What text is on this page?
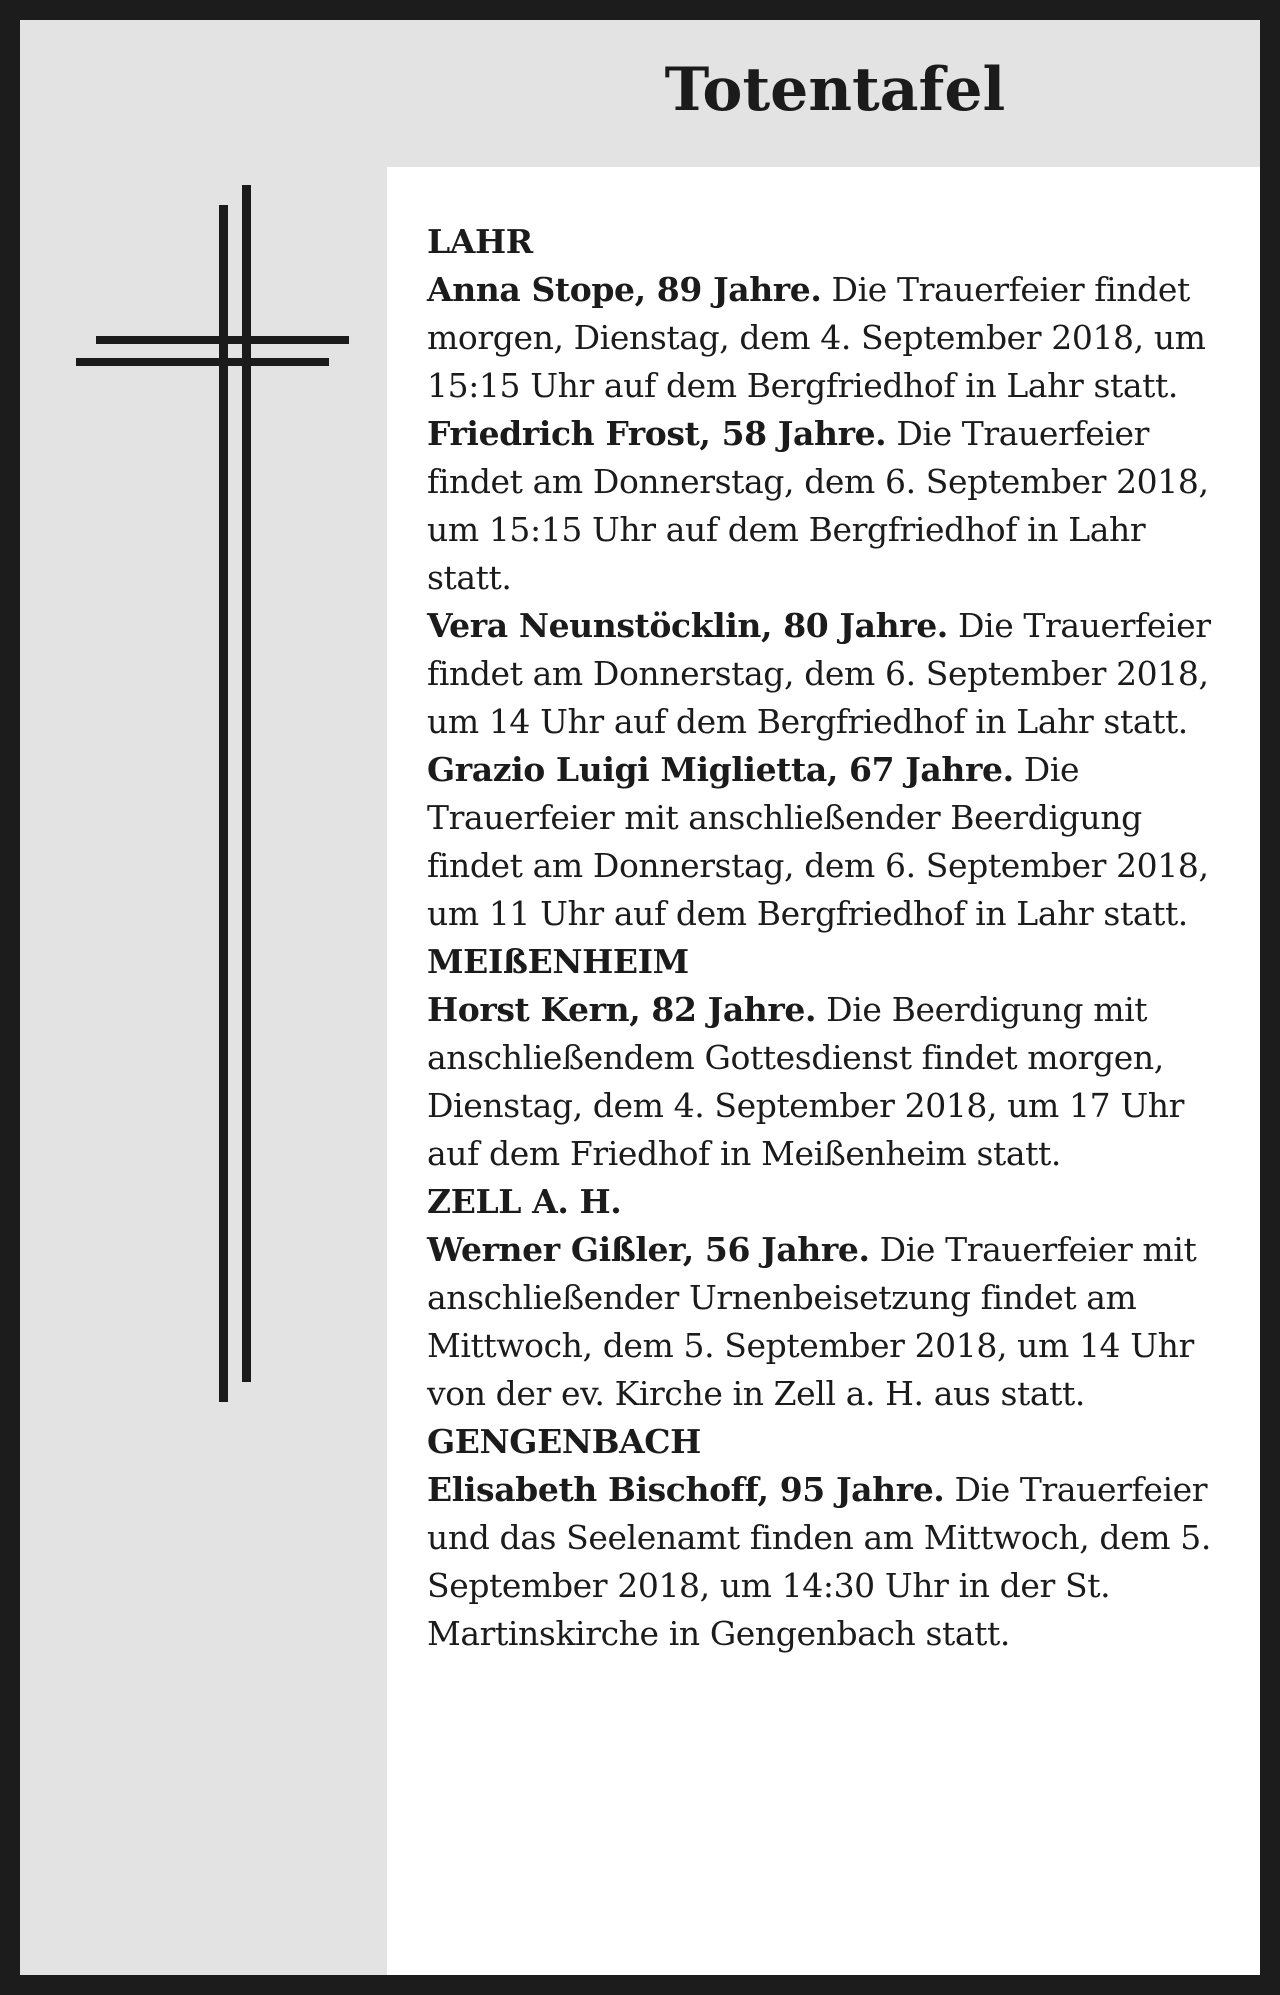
Totentafel

LAHR

Anna Stope, 89 Jahre. Die Trauerfeier findet morgen, Dienstag, dem 4. September 2018, um 15:15 Uhr auf dem Bergfriedhof in Lahr statt.

Friedrich Frost, 58 Jahre. Die Trauerfeier findet am Donnerstag, dem 6. September 2018, um 15:15 Uhr auf dem Bergfriedhof in Lahr statt.

Vera Neunstöcklin, 80 Jahre. Die Trauerfeier findet am Donnerstag, dem 6. September 2018, um 14 Uhr auf dem Bergfriedhof in Lahr statt.

Grazio Luigi Miglietta, 67 Jahre. Die Trauerfeier mit anschließender Beerdigung findet am Donnerstag, dem 6. September 2018, um 11 Uhr auf dem Bergfriedhof in Lahr statt.

MEIßENHEIM

Horst Kern, 82 Jahre. Die Beerdigung mit anschließendem Gottesdienst findet morgen, Dienstag, dem 4. September 2018, um 17 Uhr auf dem Friedhof in Meißenheim statt.

ZELL A. H.

Werner Gißler, 56 Jahre. Die Trauerfeier mit anschließender Urnenbeisetzung findet am Mittwoch, dem 5. September 2018, um 14 Uhr von der ev. Kirche in Zell a. H. aus statt.

GENGENBACH

Elisabeth Bischoff, 95 Jahre. Die Trauerfeier und das Seelenamt finden am Mittwoch, dem 5. September 2018, um 14:30 Uhr in der St. Martinskirche in Gengenbach statt.
